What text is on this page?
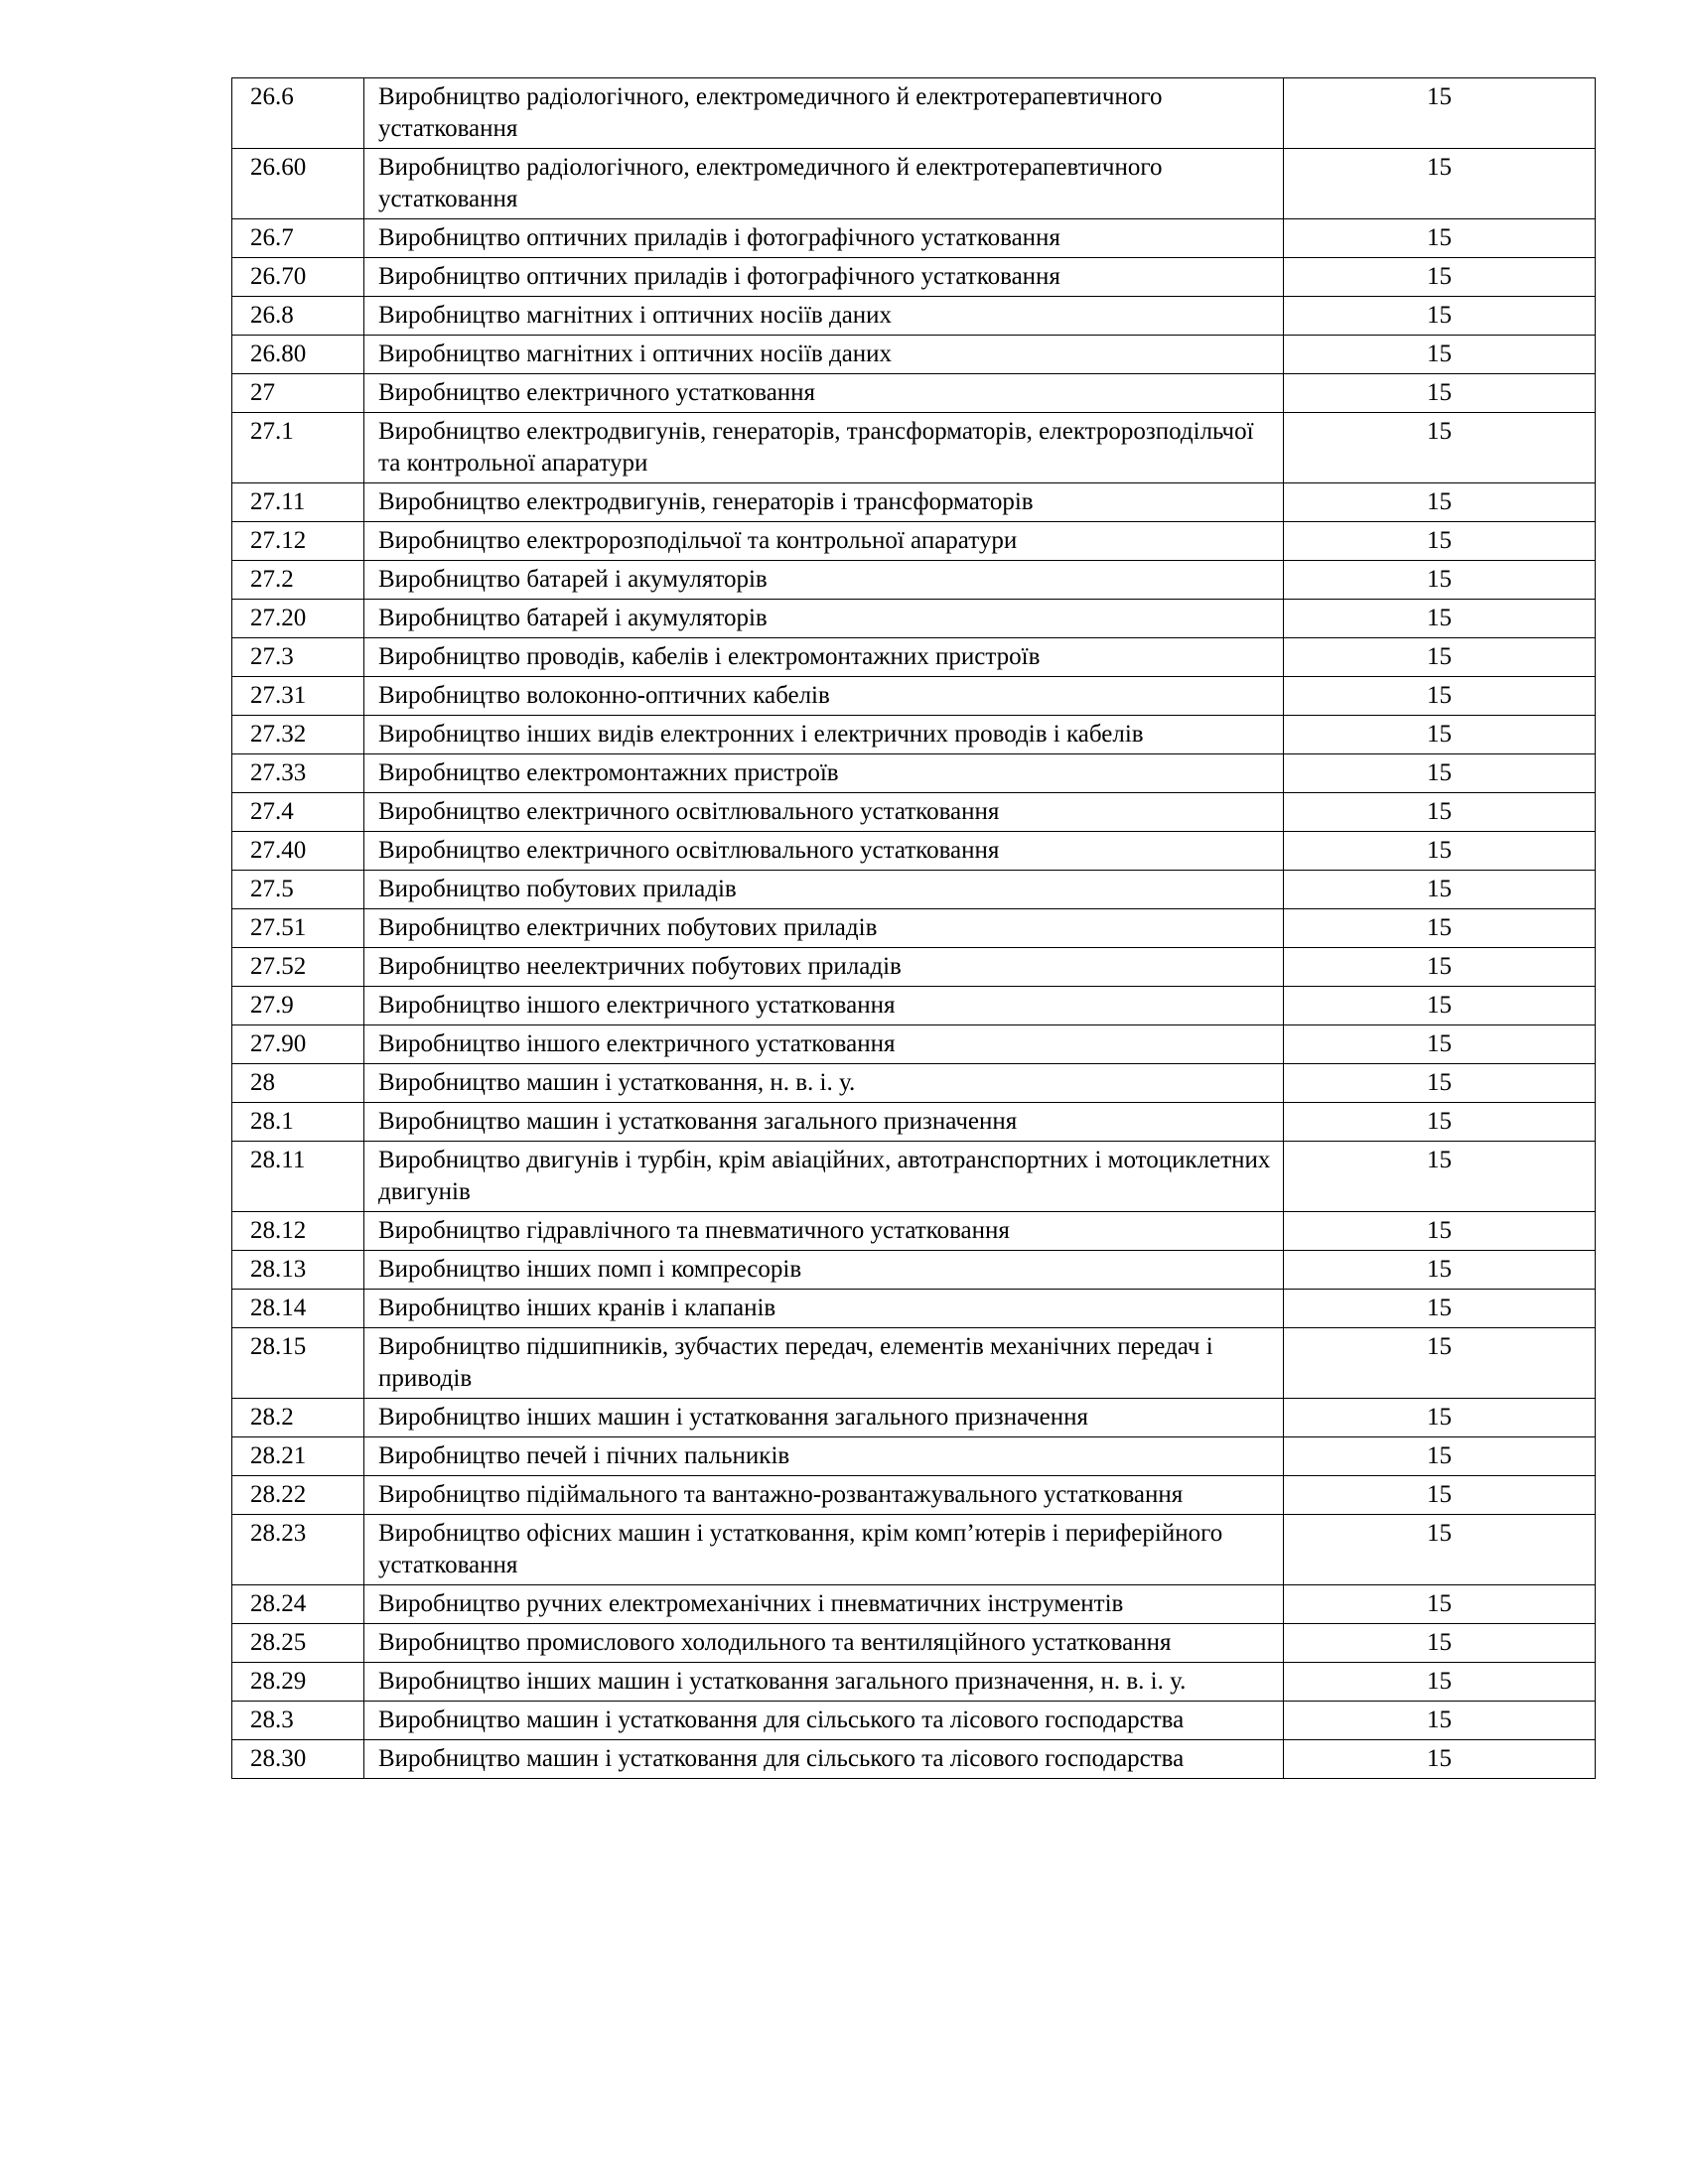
26.6	Виробництво радіологічного, електромедичного й електротерапевтичного устатковання	15
26.60	Виробництво радіологічного, електромедичного й електротерапевтичного устатковання	15
26.7	Виробництво оптичних приладів і фотографічного устатковання	15
26.70	Виробництво оптичних приладів і фотографічного устатковання	15
26.8	Виробництво магнітних і оптичних носіїв даних	15
26.80	Виробництво магнітних і оптичних носіїв даних	15
27	Виробництво електричного устатковання	15
27.1	Виробництво електродвигунів, генераторів, трансформаторів, електророзподільчої та контрольної апаратури	15
27.11	Виробництво електродвигунів, генераторів і трансформаторів	15
27.12	Виробництво електророзподільчої та контрольної апаратури	15
27.2	Виробництво батарей і акумуляторів	15
27.20	Виробництво батарей і акумуляторів	15
27.3	Виробництво проводів, кабелів і електромонтажних пристроїв	15
27.31	Виробництво волоконно-оптичних кабелів	15
27.32	Виробництво інших видів електронних і електричних проводів і кабелів	15
27.33	Виробництво електромонтажних пристроїв	15
27.4	Виробництво електричного освітлювального устатковання	15
27.40	Виробництво електричного освітлювального устатковання	15
27.5	Виробництво побутових приладів	15
27.51	Виробництво електричних побутових приладів	15
27.52	Виробництво неелектричних побутових приладів	15
27.9	Виробництво іншого електричного устатковання	15
27.90	Виробництво іншого електричного устатковання	15
28	Виробництво машин і устатковання, н. в. і. у.	15
28.1	Виробництво машин і устатковання загального призначення	15
28.11	Виробництво двигунів і турбін, крім авіаційних, автотранспортних і мотоциклетних двигунів	15
28.12	Виробництво гідравлічного та пневматичного устатковання	15
28.13	Виробництво інших помп і компресорів	15
28.14	Виробництво інших кранів і клапанів	15
28.15	Виробництво підшипників, зубчастих передач, елементів механічних передач і приводів	15
28.2	Виробництво інших машин і устатковання загального призначення	15
28.21	Виробництво печей і пічних пальників	15
28.22	Виробництво підіймального та вантажно-розвантажувального устатковання	15
28.23	Виробництво офісних машин і устатковання, крім комп’ютерів і периферійного устатковання	15
28.24	Виробництво ручних електромеханічних і пневматичних інструментів	15
28.25	Виробництво промислового холодильного та вентиляційного устатковання	15
28.29	Виробництво інших машин і устатковання загального призначення, н. в. і. у.	15
28.3	Виробництво машин і устатковання для сільського та лісового господарства	15
28.30	Виробництво машин і устатковання для сільського та лісового господарства	15
